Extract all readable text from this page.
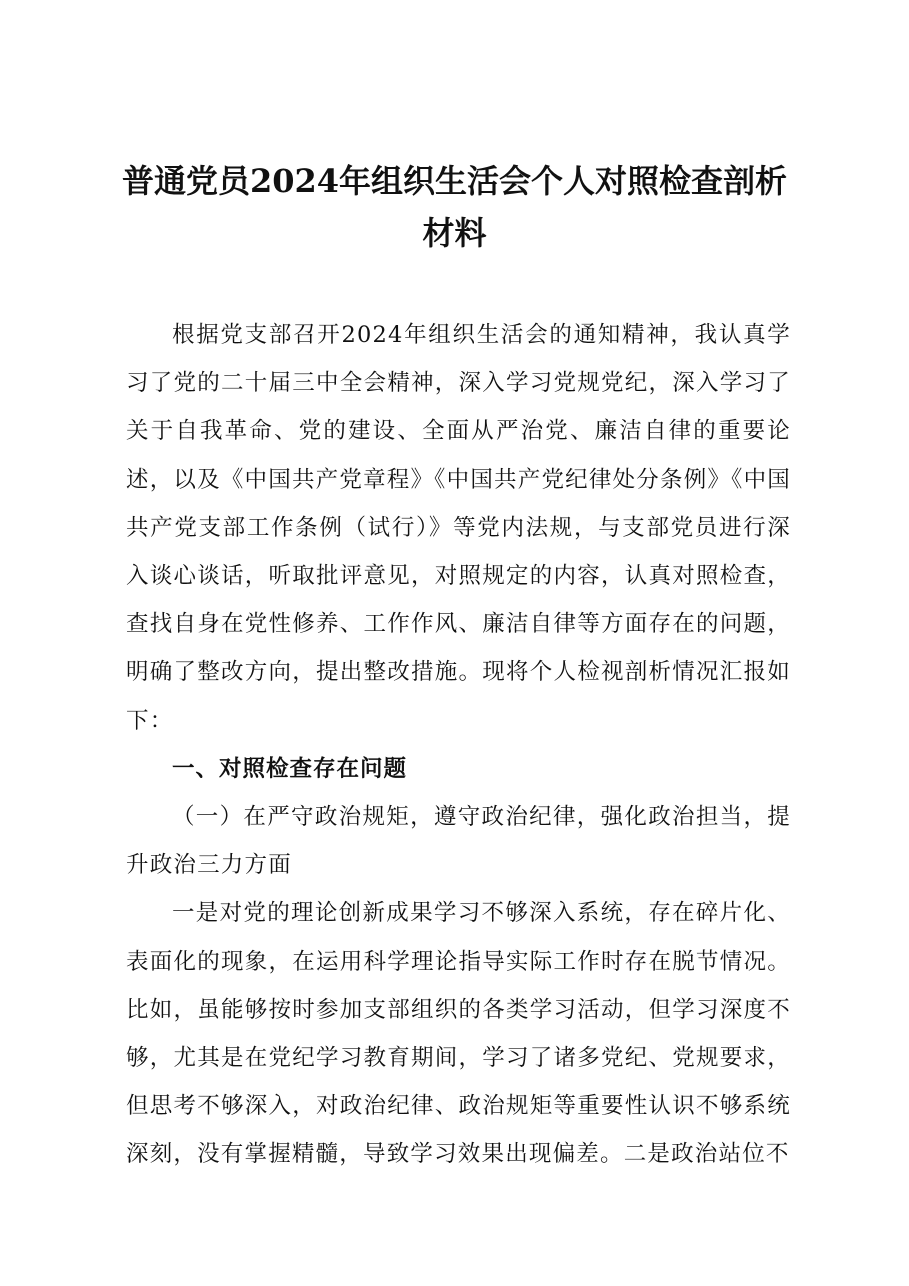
普通党员2024年组织生活会个人对照检查剖析
材料

根据党支部召开2024年组织生活会的通知精神，我认真学习了党的二十届三中全会精神，深入学习党规党纪，深入学习了关于自我革命、党的建设、全面从严治党、廉洁自律的重要论述，以及《中国共产党章程》《中国共产党纪律处分条例》《中国共产党支部工作条例（试行）》等党内法规，与支部党员进行深入谈心谈话，听取批评意见，对照规定的内容，认真对照检查，查找自身在党性修养、工作作风、廉洁自律等方面存在的问题，明确了整改方向，提出整改措施。现将个人检视剖析情况汇报如下：

一、对照检查存在问题

（一）在严守政治规矩，遵守政治纪律，强化政治担当，提升政治三力方面

一是对党的理论创新成果学习不够深入系统，存在碎片化、表面化的现象，在运用科学理论指导实际工作时存在脱节情况。比如，虽能够按时参加支部组织的各类学习活动，但学习深度不够，尤其是在党纪学习教育期间，学习了诸多党纪、党规要求，但思考不够深入，对政治纪律、政治规矩等重要性认识不够系统深刻，没有掌握精髓，导致学习效果出现偏差。二是政治站位不
